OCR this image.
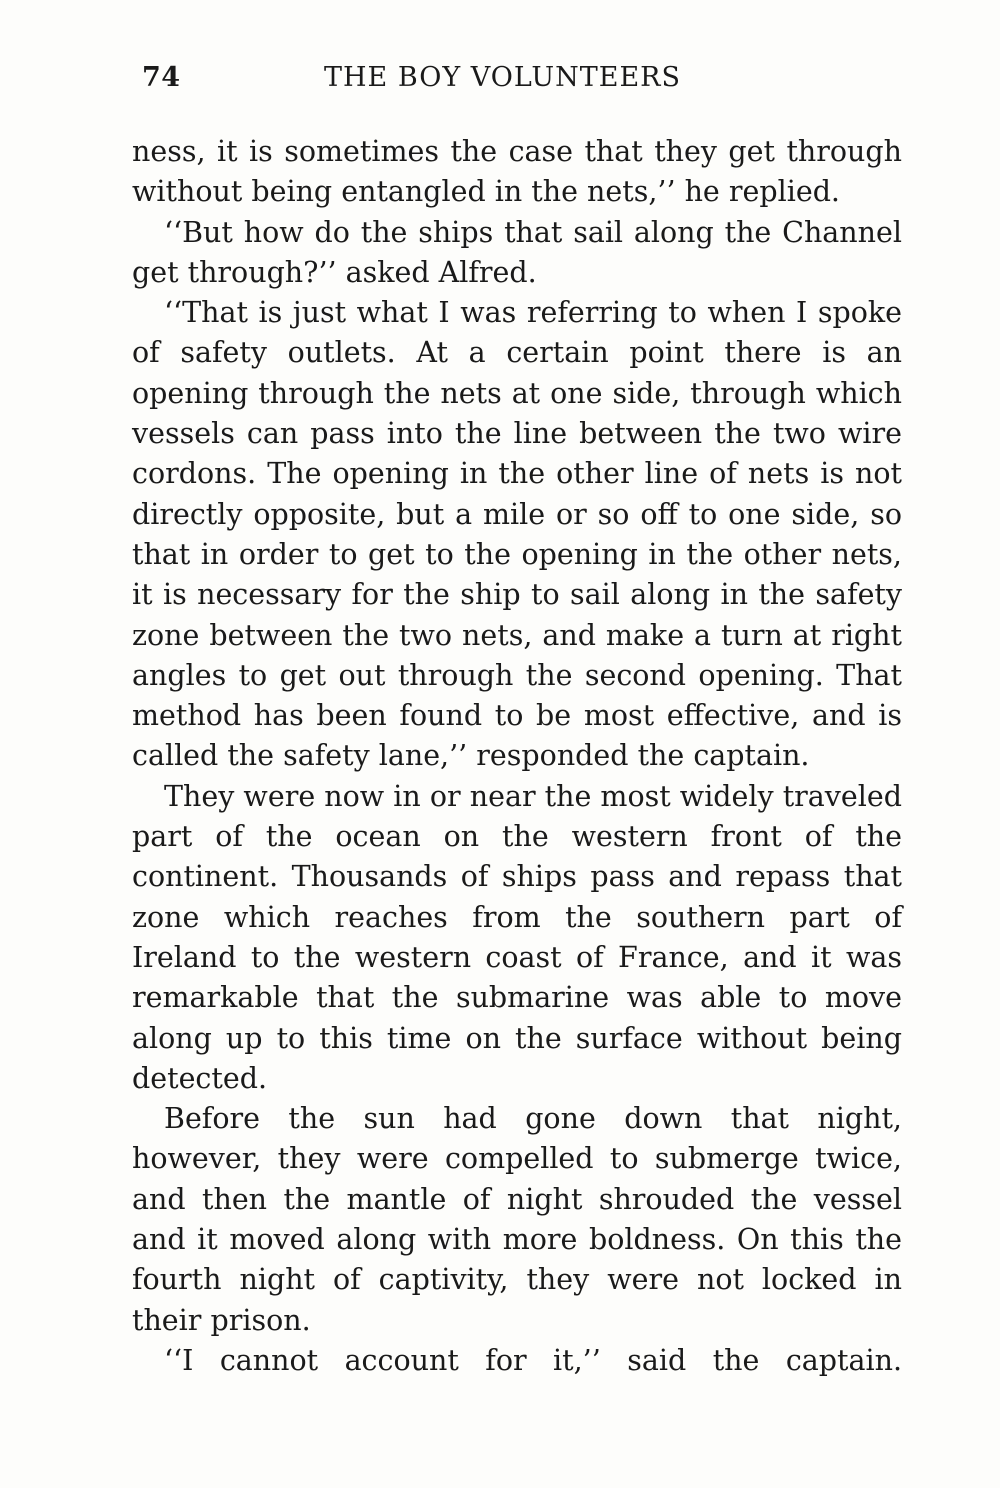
74	THE BOY VOLUNTEERS

ness, it is sometimes the case that they get through without being entangled in the nets,’’ he replied.

‘‘But how do the ships that sail along the Channel get through?’’ asked Alfred.

‘‘That is just what I was referring to when I spoke of safety outlets. At a certain point there is an opening through the nets at one side, through which vessels can pass into the line between the two wire cordons. The opening in the other line of nets is not directly opposite, but a mile or so off to one side, so that in order to get to the opening in the other nets, it is necessary for the ship to sail along in the safety zone between the two nets, and make a turn at right angles to get out through the second opening. That method has been found to be most effective, and is called the safety lane,’’ responded the captain.

They were now in or near the most widely traveled part of the ocean on the western front of the continent. Thousands of ships pass and repass that zone which reaches from the southern part of Ireland to the western coast of France, and it was remarkable that the submarine was able to move along up to this time on the surface without being detected.

Before the sun had gone down that night, however, they were compelled to submerge twice, and then the mantle of night shrouded the vessel and it moved along with more boldness. On this the fourth night of captivity, they were not locked in their prison.

‘‘I cannot account for it,’’ said the captain.
